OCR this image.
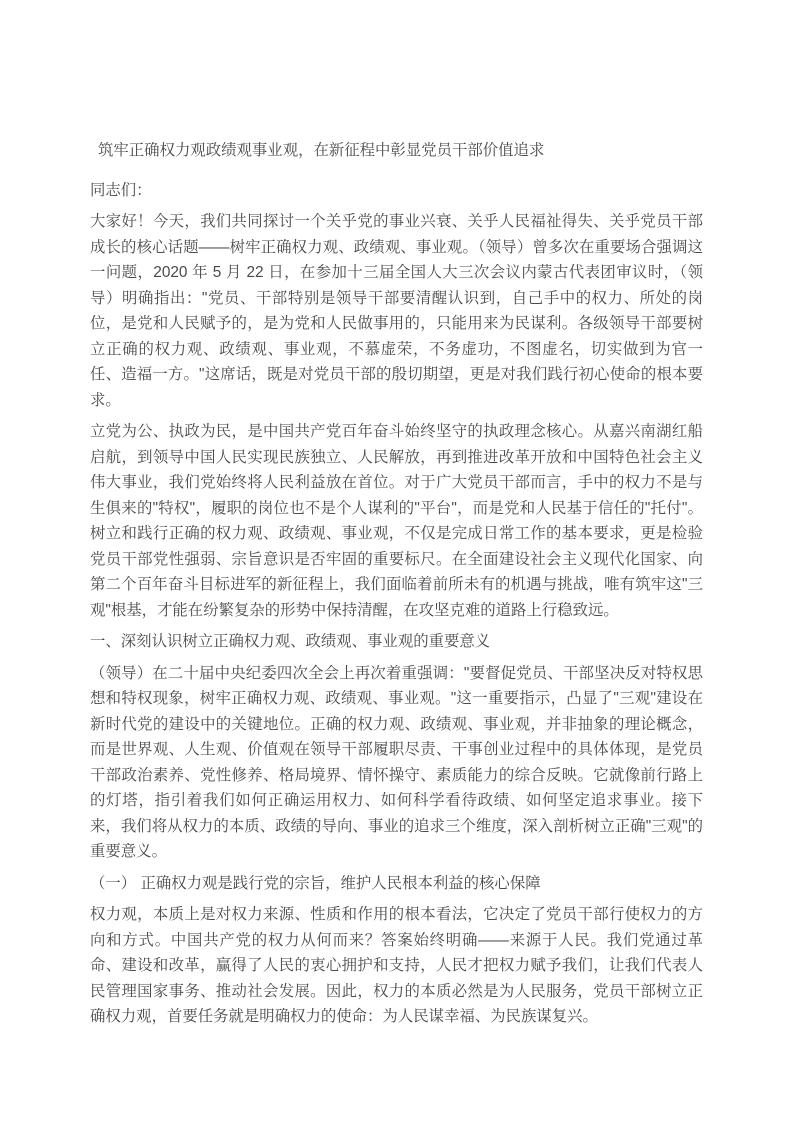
筑牢正确权力观政绩观事业观，在新征程中彰显党员干部价值追求

同志们：

大家好！今天，我们共同探讨一个关乎党的事业兴衰、关乎人民福祉得失、关乎党员干部成长的核心话题——树牢正确权力观、政绩观、事业观。（领导）曾多次在重要场合强调这一问题，2020 年 5 月 22 日，在参加十三届全国人大三次会议内蒙古代表团审议时，（领导）明确指出："党员、干部特别是领导干部要清醒认识到，自己手中的权力、所处的岗位，是党和人民赋予的，是为党和人民做事用的，只能用来为民谋利。各级领导干部要树立正确的权力观、政绩观、事业观，不慕虚荣，不务虚功，不图虚名，切实做到为官一任、造福一方。"这席话，既是对党员干部的殷切期望，更是对我们践行初心使命的根本要求。

立党为公、执政为民，是中国共产党百年奋斗始终坚守的执政理念核心。从嘉兴南湖红船启航，到领导中国人民实现民族独立、人民解放，再到推进改革开放和中国特色社会主义伟大事业，我们党始终将人民利益放在首位。对于广大党员干部而言，手中的权力不是与生俱来的"特权"，履职的岗位也不是个人谋利的"平台"，而是党和人民基于信任的"托付"。树立和践行正确的权力观、政绩观、事业观，不仅是完成日常工作的基本要求，更是检验党员干部党性强弱、宗旨意识是否牢固的重要标尺。在全面建设社会主义现代化国家、向第二个百年奋斗目标进军的新征程上，我们面临着前所未有的机遇与挑战，唯有筑牢这"三观"根基，才能在纷繁复杂的形势中保持清醒，在攻坚克难的道路上行稳致远。

一、深刻认识树立正确权力观、政绩观、事业观的重要意义

（领导）在二十届中央纪委四次全会上再次着重强调："要督促党员、干部坚决反对特权思想和特权现象，树牢正确权力观、政绩观、事业观。"这一重要指示，凸显了"三观"建设在新时代党的建设中的关键地位。正确的权力观、政绩观、事业观，并非抽象的理论概念，而是世界观、人生观、价值观在领导干部履职尽责、干事创业过程中的具体体现，是党员干部政治素养、党性修养、格局境界、情怀操守、素质能力的综合反映。它就像前行路上的灯塔，指引着我们如何正确运用权力、如何科学看待政绩、如何坚定追求事业。接下来，我们将从权力的本质、政绩的导向、事业的追求三个维度，深入剖析树立正确"三观"的重要意义。

（一） 正确权力观是践行党的宗旨，维护人民根本利益的核心保障

权力观，本质上是对权力来源、性质和作用的根本看法，它决定了党员干部行使权力的方向和方式。中国共产党的权力从何而来？答案始终明确——来源于人民。我们党通过革命、建设和改革，赢得了人民的衷心拥护和支持，人民才把权力赋予我们，让我们代表人民管理国家事务、推动社会发展。因此，权力的本质必然是为人民服务，党员干部树立正确权力观，首要任务就是明确权力的使命：为人民谋幸福、为民族谋复兴。
